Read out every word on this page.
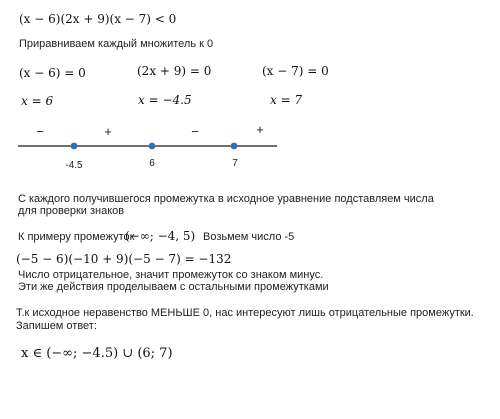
(x − 6)(2x + 9)(x − 7) < 0
Приравниваем каждый множитель к 0
(x − 6) = 0	(2x + 9) = 0	(x − 7) = 0
x = 6	x = −4.5	x = 7
−	+	−	+
-4.5	6	7
С каждого получившегося промежутка в исходное уравнение подставляем числа
для проверки знаков
К примеру промежуток
(−∞; −4, 5) Возьмем число -5
(−5 − 6)(−10 + 9)(−5 − 7) = −132
Число отрицательное, значит промежуток со знаком минус.
Эти же действия проделываем с остальными промежутками
Т.к исходное неравенство МЕНЬШЕ 0, нас интересуют лишь отрицательные промежутки.
Запишем ответ:
x ∈ (−∞; −4.5) ∪ (6; 7)
